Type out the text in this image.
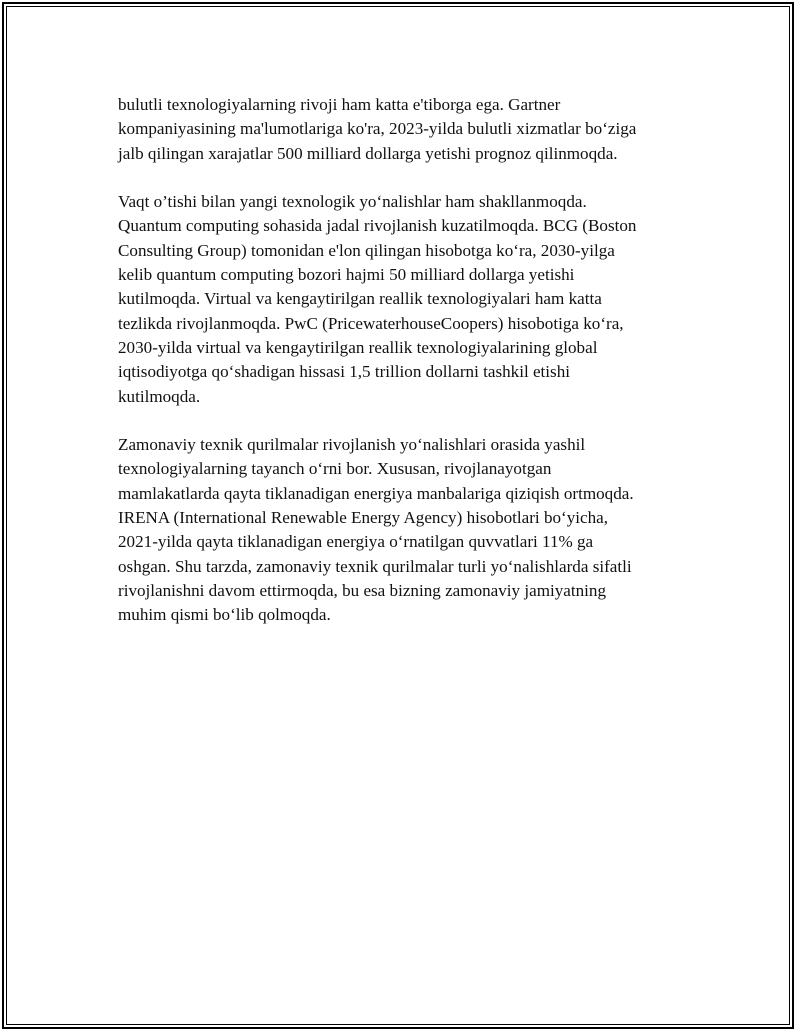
bulutli texnologiyalarning rivoji ham katta e'tiborga ega. Gartner
kompaniyasining ma'lumotlariga ko'ra, 2023-yilda bulutli xizmatlar bo‘ziga
jalb qilingan xarajatlar 500 milliard dollarga yetishi prognoz qilinmoqda.

Vaqt o’tishi bilan yangi texnologik yo‘nalishlar ham shakllanmoqda.
Quantum computing sohasida jadal rivojlanish kuzatilmoqda. BCG (Boston
Consulting Group) tomonidan e'lon qilingan hisobotga ko‘ra, 2030-yilga
kelib quantum computing bozori hajmi 50 milliard dollarga yetishi
kutilmoqda. Virtual va kengaytirilgan reallik texnologiyalari ham katta
tezlikda rivojlanmoqda. PwC (PricewaterhouseCoopers) hisobotiga ko‘ra,
2030-yilda virtual va kengaytirilgan reallik texnologiyalarining global
iqtisodiyotga qo‘shadigan hissasi 1,5 trillion dollarni tashkil etishi
kutilmoqda.

Zamonaviy texnik qurilmalar rivojlanish yo‘nalishlari orasida yashil
texnologiyalarning tayanch o‘rni bor. Xususan, rivojlanayotgan
mamlakatlarda qayta tiklanadigan energiya manbalariga qiziqish ortmoqda.
IRENA (International Renewable Energy Agency) hisobotlari bo‘yicha,
2021-yilda qayta tiklanadigan energiya o‘rnatilgan quvvatlari 11% ga
oshgan. Shu tarzda, zamonaviy texnik qurilmalar turli yo‘nalishlarda sifatli
rivojlanishni davom ettirmoqda, bu esa bizning zamonaviy jamiyatning
muhim qismi bo‘lib qolmoqda.
